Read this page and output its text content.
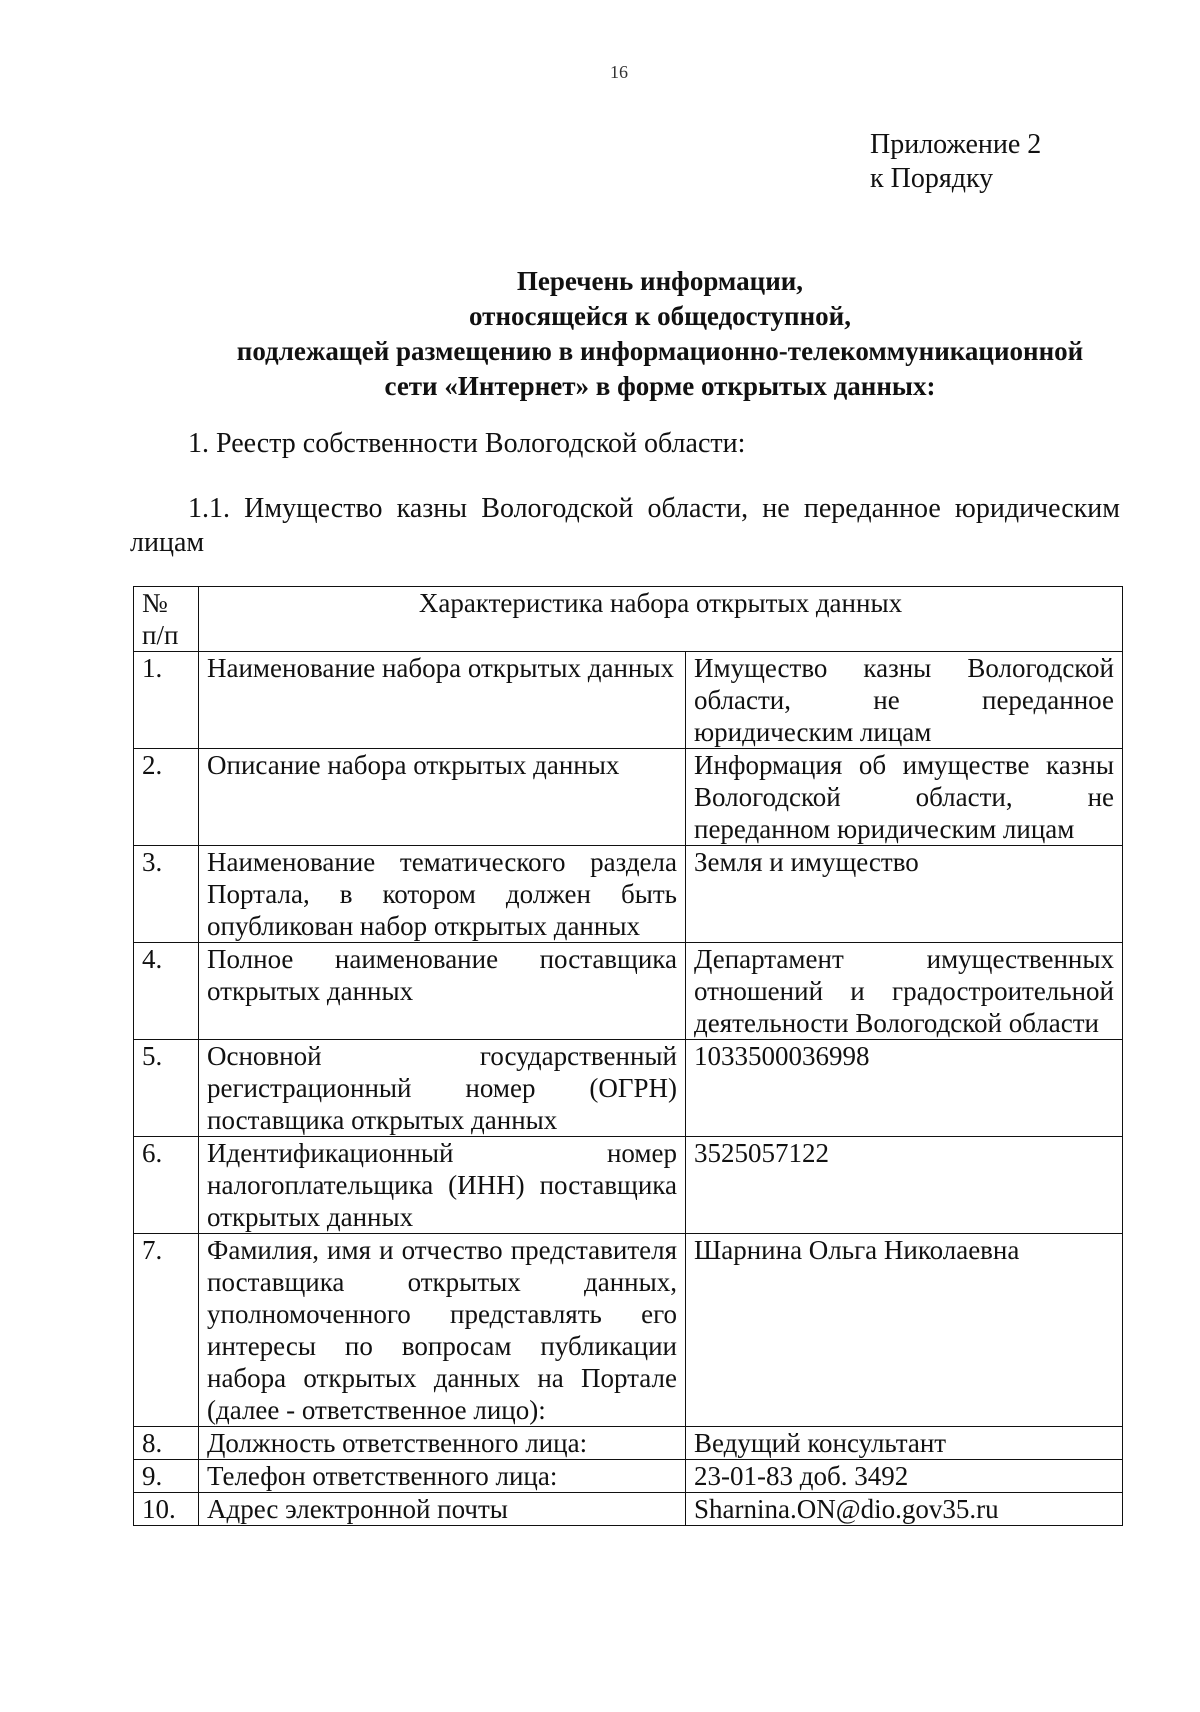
16
Приложение 2
к Порядку
Перечень информации,
относящейся к общедоступной,
подлежащей размещению в информационно-телекоммуникационной
сети «Интернет» в форме открытых данных:
1. Реестр собственности Вологодской области:
1.1. Имущество казны Вологодской области, не переданное юридическим лицам
№ п/п	Характеристика набора открытых данных	
1.	Наименование набора открытых данных	Имущество казны Вологодской области, не переданное юридическим лицам
2.	Описание набора открытых данных	Информация об имуществе казны Вологодской области, не переданном юридическим лицам
3.	Наименование тематического раздела Портала, в котором должен быть опубликован набор открытых данных	Земля и имущество
4.	Полное наименование поставщика открытых данных	Департамент имущественных отношений и градостроительной деятельности Вологодской области
5.	Основной государственный регистрационный номер (ОГРН) поставщика открытых данных	1033500036998
6.	Идентификационный номер налогоплательщика (ИНН) поставщика открытых данных	3525057122
7.	Фамилия, имя и отчество представителя поставщика открытых данных, уполномоченного представлять его интересы по вопросам публикации набора открытых данных на Портале (далее - ответственное лицо):	Шарнина Ольга Николаевна
8.	Должность ответственного лица:	Ведущий консультант
9.	Телефон ответственного лица:	23-01-83 доб. 3492
10.	Адрес электронной почты	Sharnina.ON@dio.gov35.ru
